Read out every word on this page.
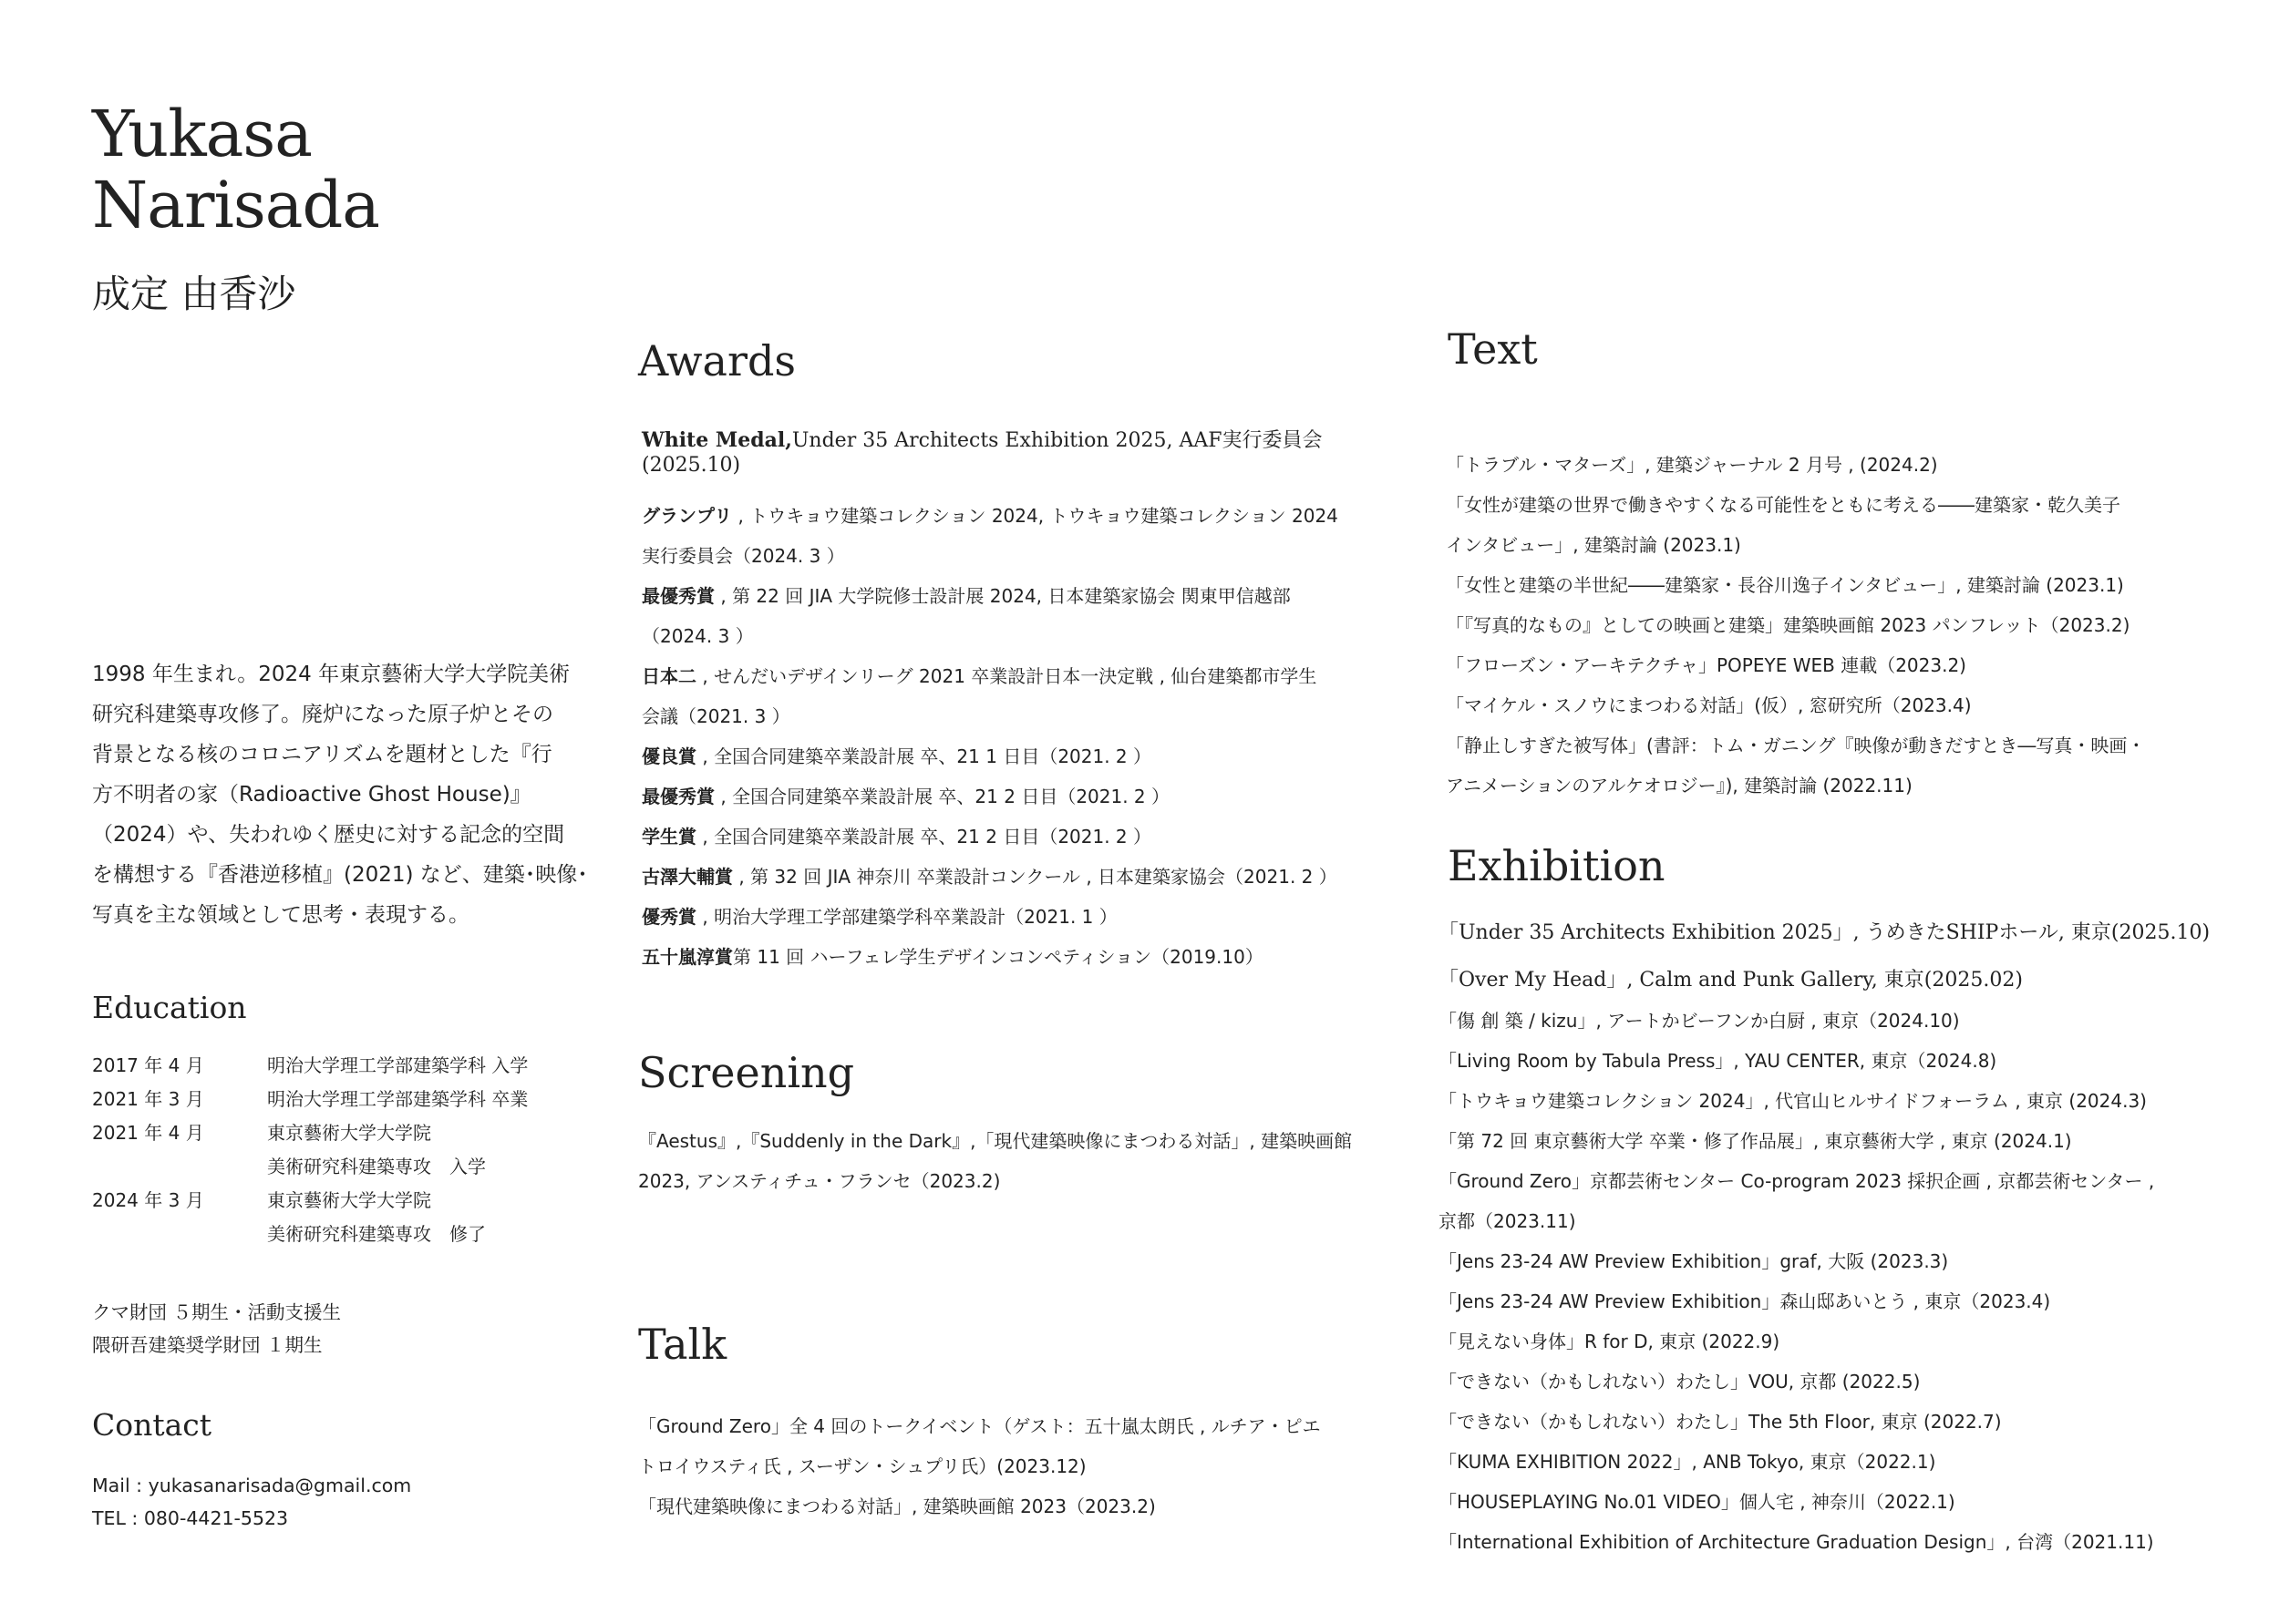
Yukasa
Narisada
成定 由香沙
1998 年生まれ。2024 年東京藝術大学大学院美術
研究科建築専攻修了。廃炉になった原子炉とその
背景となる核のコロニアリズムを題材とした『行
方不明者の家（Radioactive Ghost House)』
（2024）や、失われゆく歴史に対する記念的空間
を構想する『香港逆移植』(2021) など、建築･映像･
写真を主な領域として思考・表現する。
Education
2017 年 4 月	明治大学理工学部建築学科 入学
2021 年 3 月	明治大学理工学部建築学科 卒業
2021 年 4 月	東京藝術大学大学院
美術研究科建築専攻　入学
2024 年 3 月	東京藝術大学大学院
美術研究科建築専攻　修了
クマ財団 ５期生・活動支援生
隈研吾建築奨学財団 １期生
Contact
Mail : yukasanarisada@gmail.com
TEL : 080-4421-5523
Awards
White Medal,Under 35 Architects Exhibition 2025, AAF実行委員会
(2025.10)
グランプリ , トウキョウ建築コレクション 2024, トウキョウ建築コレクション 2024
実行委員会（2024. 3 ）
最優秀賞 , 第 22 回 JIA 大学院修士設計展 2024, 日本建築家協会 関東甲信越部
（2024. 3 ）
日本二 , せんだいデザインリーグ 2021 卒業設計日本一決定戦 , 仙台建築都市学生
会議（2021. 3 ）
優良賞 , 全国合同建築卒業設計展 卒、21 1 日目（2021. 2 ）
最優秀賞 , 全国合同建築卒業設計展 卒、21 2 日目（2021. 2 ）
学生賞 , 全国合同建築卒業設計展 卒、21 2 日目（2021. 2 ）
古澤大輔賞 , 第 32 回 JIA 神奈川 卒業設計コンクール , 日本建築家協会（2021. 2 ）
優秀賞 , 明治大学理工学部建築学科卒業設計（2021. 1 ）
五十嵐淳賞第 11 回 ハーフェレ学生デザインコンペティション（2019.10）
Screening
『Aestus』,『Suddenly in the Dark』,「現代建築映像にまつわる対話」, 建築映画館
2023, アンスティチュ・フランセ（2023.2)
Talk
「Ground Zero」全 4 回のトークイベント（ゲスト：五十嵐太朗氏 , ルチア・ピエ
トロイウスティ氏 , スーザン・シュプリ氏）(2023.12)
「現代建築映像にまつわる対話」, 建築映画館 2023（2023.2)
Text
「トラブル・マターズ」, 建築ジャーナル 2 月号 , (2024.2)
「女性が建築の世界で働きやすくなる可能性をともに考える――建築家・乾久美子
インタビュー」, 建築討論 (2023.1)
「女性と建築の半世紀――建築家・長谷川逸子インタビュー」, 建築討論 (2023.1)
「『写真的なもの』としての映画と建築」建築映画館 2023 パンフレット（2023.2)
「フローズン・アーキテクチャ」POPEYE WEB 連載（2023.2)
「マイケル・スノウにまつわる対話」(仮）, 窓研究所（2023.4)
「静止しすぎた被写体」(書評：トム・ガニング『映像が動きだすとき―写真・映画・
アニメーションのアルケオロジー』), 建築討論 (2022.11)
Exhibition
「Under 35 Architects Exhibition 2025」, うめきたSHIPホール, 東京(2025.10)
「Over My Head」, Calm and Punk Gallery, 東京(2025.02)
「傷 創 築 / kizu」, アートかビーフンか白厨 , 東京（2024.10)
「Living Room by Tabula Press」, YAU CENTER, 東京（2024.8)
「トウキョウ建築コレクション 2024」, 代官山ヒルサイドフォーラム , 東京 (2024.3)
「第 72 回 東京藝術大学 卒業・修了作品展」, 東京藝術大学 , 東京 (2024.1)
「Ground Zero」京都芸術センター Co-program 2023 採択企画 , 京都芸術センター ,
京都（2023.11)
「Jens 23-24 AW Preview Exhibition」graf, 大阪 (2023.3)
「Jens 23-24 AW Preview Exhibition」森山邸あいとう , 東京（2023.4)
「見えない身体」R for D, 東京 (2022.9)
「できない（かもしれない）わたし」VOU, 京都 (2022.5)
「できない（かもしれない）わたし」The 5th Floor, 東京 (2022.7)
「KUMA EXHIBITION 2022」, ANB Tokyo, 東京（2022.1)
「HOUSEPLAYING No.01 VIDEO」個人宅 , 神奈川（2022.1)
「International Exhibition of Architecture Graduation Design」, 台湾（2021.11)
